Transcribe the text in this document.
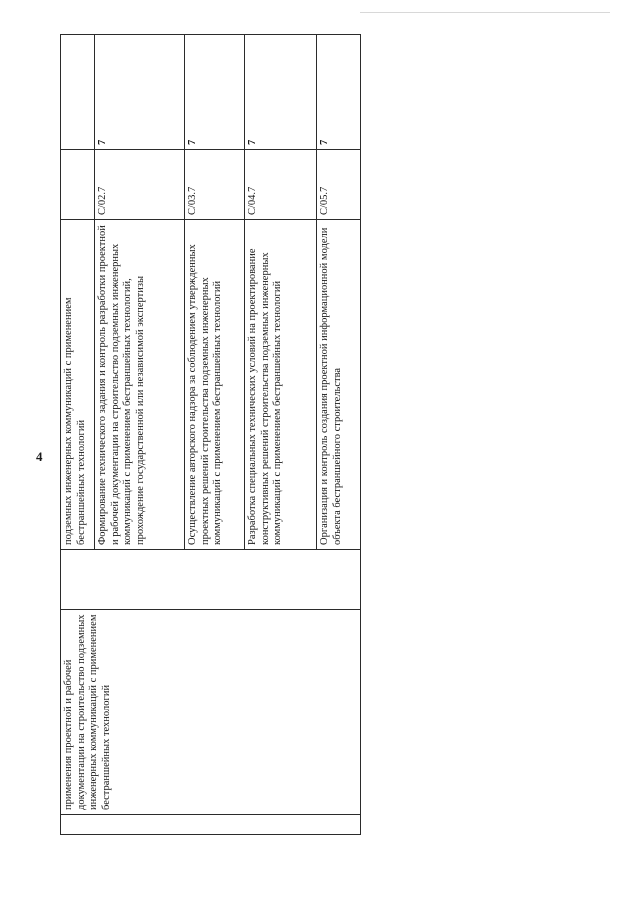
4
	применения проектной и рабочей документации на строительство подземных инженерных коммуникаций с применением бестраншейных технологий		подземных инженерных коммуникаций с применением бестраншейных технологий		
			Формирование технического задания и контроль разработки проектной и рабочей документации на строительство подземных инженерных коммуникаций с применением бестраншейных технологий, прохождение государственной или независимой экспертизы	C/02.7	7
			Осуществление авторского надзора за соблюдением утвержденных проектных решений строительства подземных инженерных коммуникаций с применением бестраншейных технологий	C/03.7	7
			Разработка специальных технических условий на проектирование конструктивных решений строительства подземных инженерных коммуникаций с применением бестраншейных технологий	C/04.7	7
			Организация и контроль создания проектной информационной модели объекта бестраншейного строительства	C/05.7	7
